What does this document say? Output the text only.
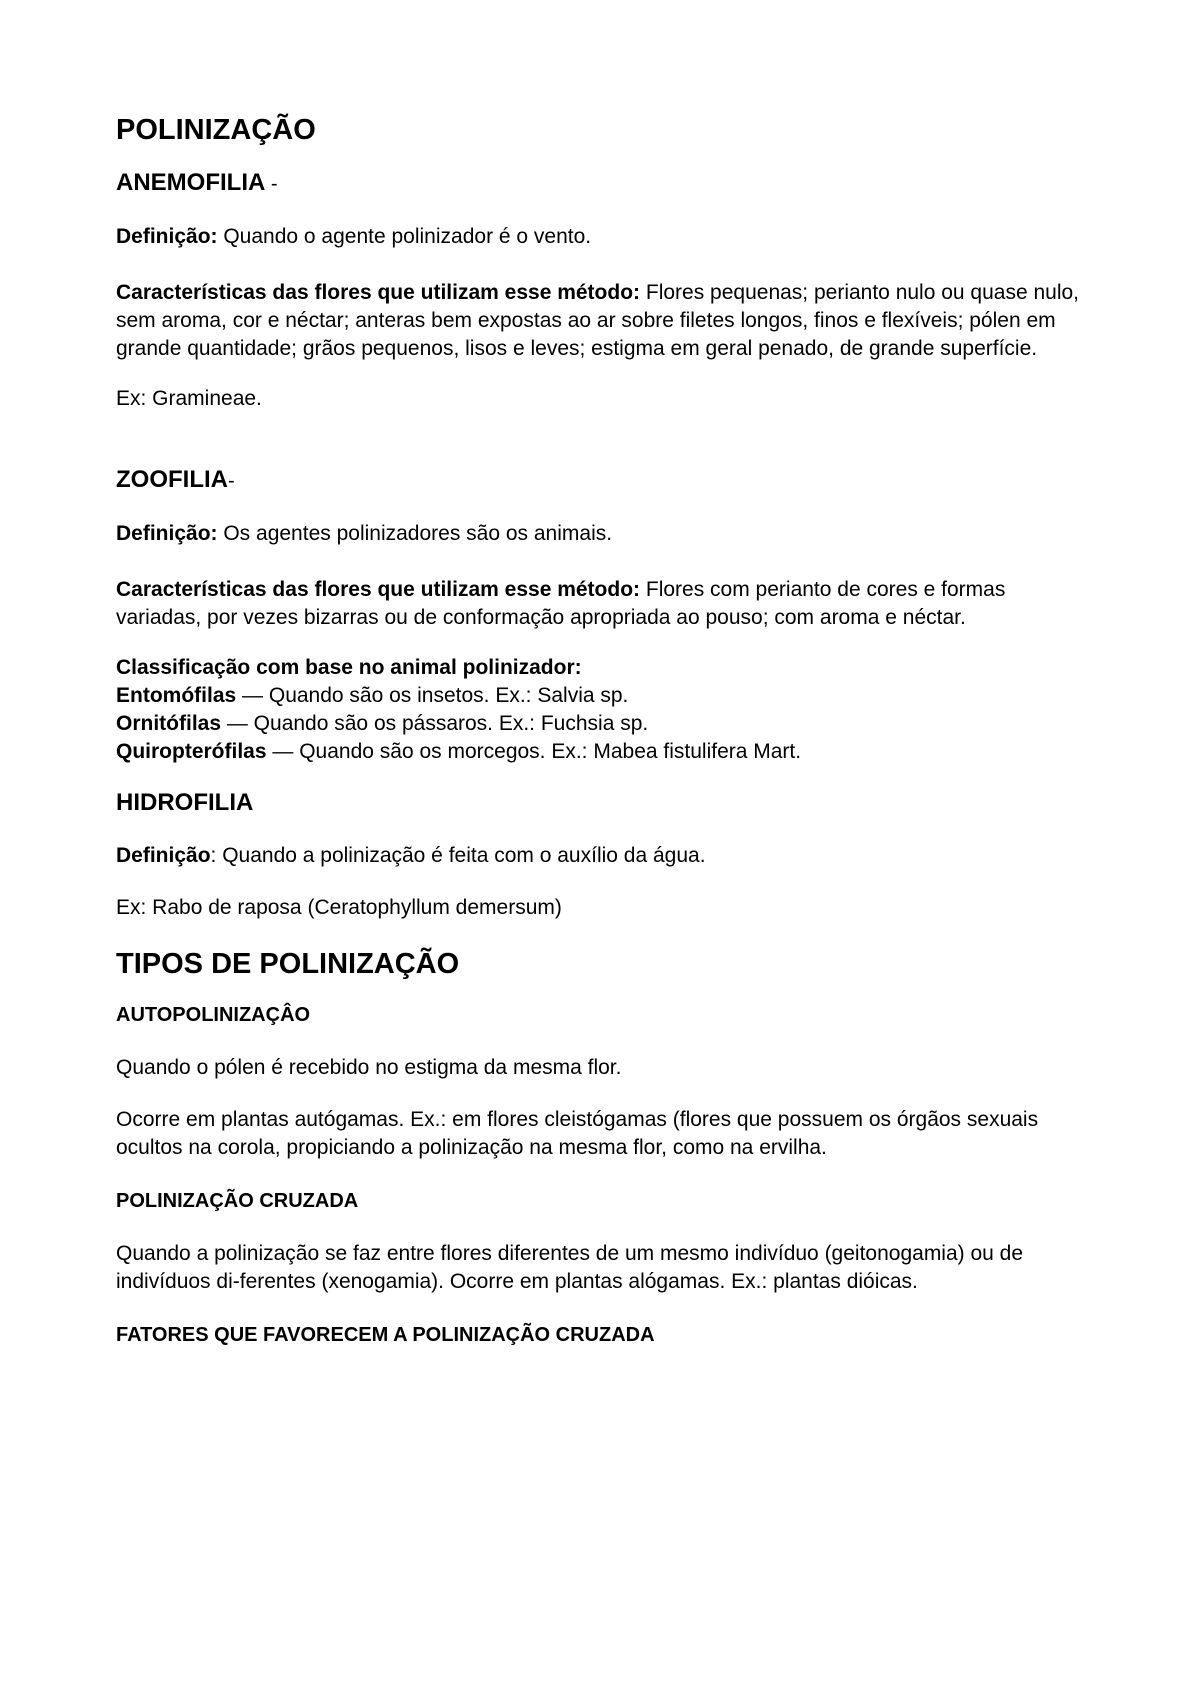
POLINIZAÇÃO
ANEMOFILIA -

Definição: Quando o agente polinizador é o vento.

Características das flores que utilizam esse método: Flores pequenas; perianto nulo ou quase nulo, sem aroma, cor e néctar; anteras bem expostas ao ar sobre filetes longos, finos e flexíveis; pólen em grande quantidade; grãos pequenos, lisos e leves; estigma em geral penado, de grande superfície.

Ex: Gramineae.

ZOOFILIA-

Definição: Os agentes polinizadores são os animais.

Características das flores que utilizam esse método: Flores com perianto de cores e formas variadas, por vezes bizarras ou de conformação apropriada ao pouso; com aroma e néctar.

Classificação com base no animal polinizador:

Entomófilas — Quando são os insetos. Ex.: Salvia sp.

Ornitófilas — Quando são os pássaros. Ex.: Fuchsia sp.

Quiropterófilas — Quando são os morcegos. Ex.: Mabea fistulifera Mart.

HIDROFILIA

Definição: Quando a polinização é feita com o auxílio da água.

Ex: Rabo de raposa (Ceratophyllum demersum)

TIPOS DE POLINIZAÇÃO
AUTOPOLINIZAÇÂO

Quando o pólen é recebido no estigma da mesma flor.

Ocorre em plantas autógamas. Ex.: em flores cleistógamas (flores que possuem os órgãos sexuais ocultos na corola, propiciando a polinização na mesma flor, como na ervilha.

POLINIZAÇÃO CRUZADA

Quando a polinização se faz entre flores diferentes de um mesmo indivíduo (geitonogamia) ou de indivíduos di-ferentes (xenogamia). Ocorre em plantas alógamas. Ex.: plantas dióicas.

FATORES QUE FAVORECEM A POLINIZAÇÃO CRUZADA
